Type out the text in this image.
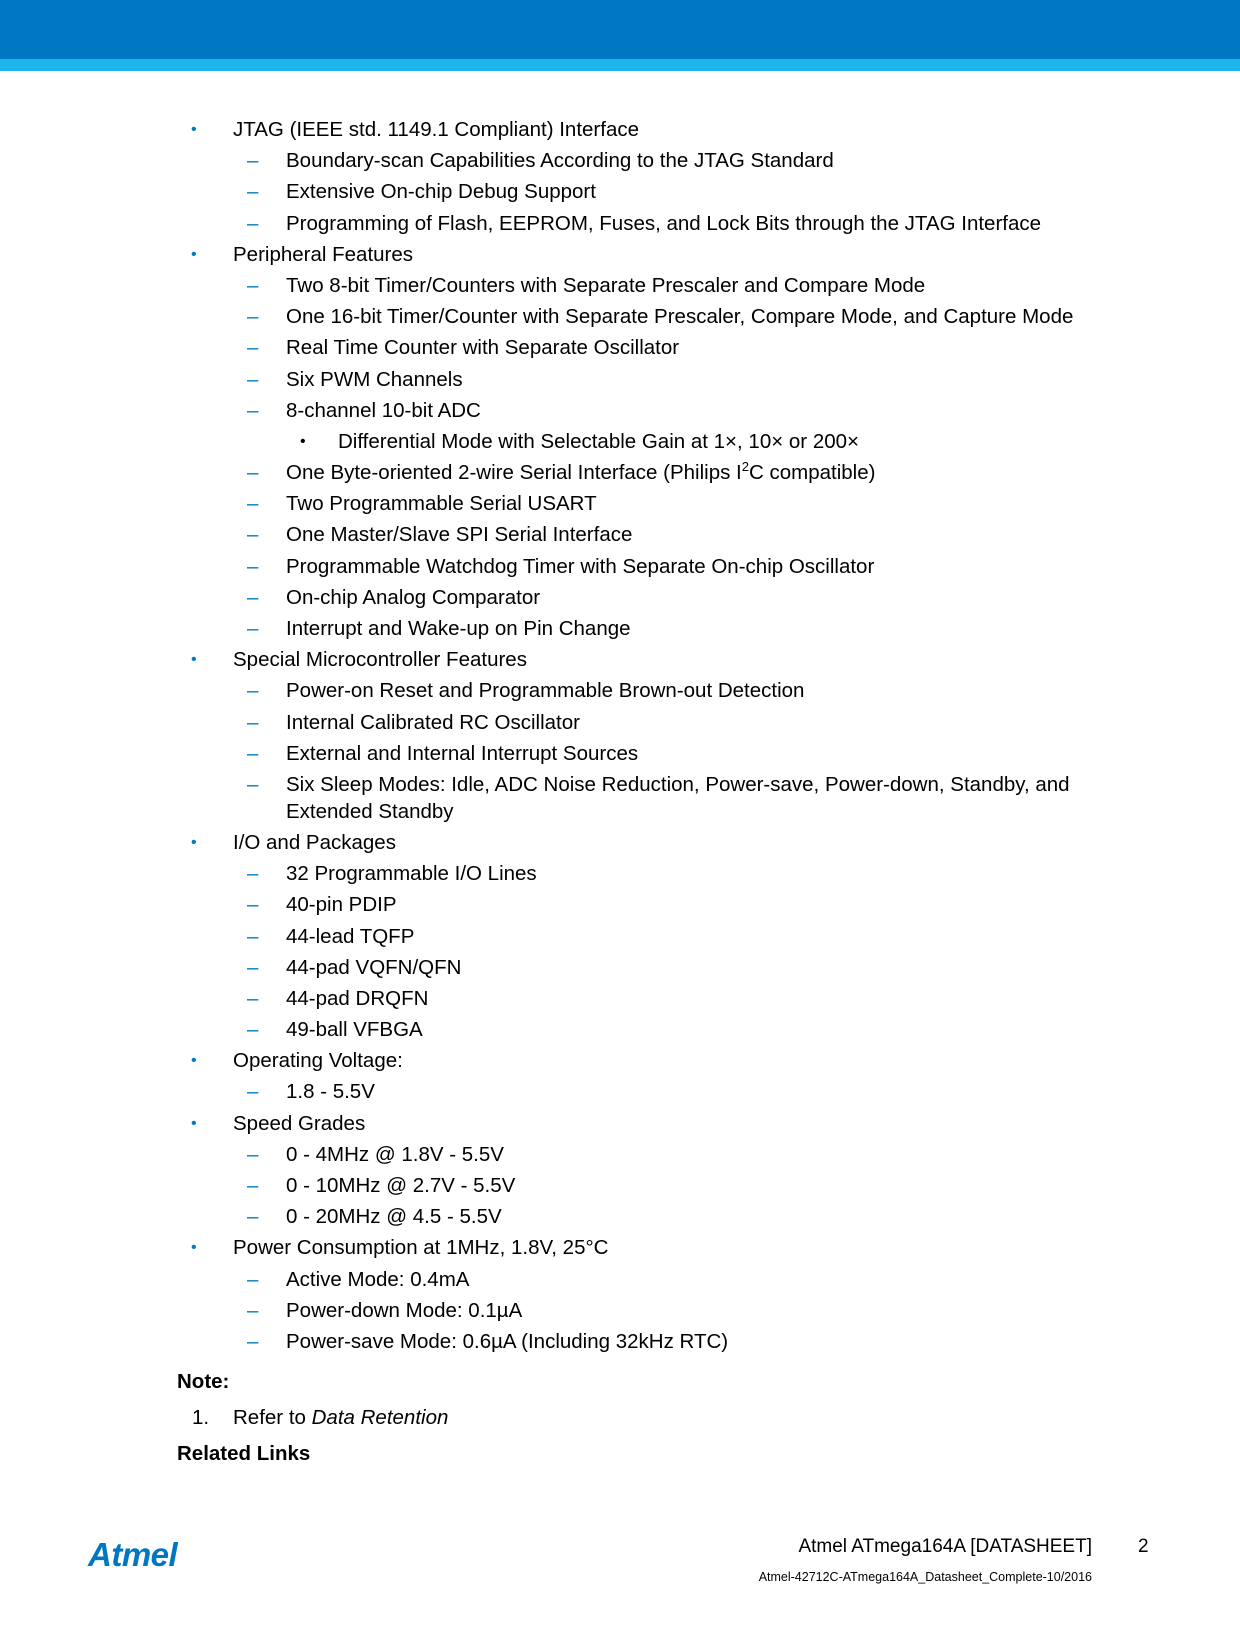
• JTAG (IEEE std. 1149.1 Compliant) Interface
– Boundary-scan Capabilities According to the JTAG Standard
– Extensive On-chip Debug Support
– Programming of Flash, EEPROM, Fuses, and Lock Bits through the JTAG Interface
• Peripheral Features
– Two 8-bit Timer/Counters with Separate Prescaler and Compare Mode
– One 16-bit Timer/Counter with Separate Prescaler, Compare Mode, and Capture Mode
– Real Time Counter with Separate Oscillator
– Six PWM Channels
– 8-channel 10-bit ADC
• Differential Mode with Selectable Gain at 1×, 10× or 200×
– One Byte-oriented 2-wire Serial Interface (Philips $I^2C$ compatible)
– Two Programmable Serial USART
– One Master/Slave SPI Serial Interface
– Programmable Watchdog Timer with Separate On-chip Oscillator
– On-chip Analog Comparator
– Interrupt and Wake-up on Pin Change
• Special Microcontroller Features
– Power-on Reset and Programmable Brown-out Detection
– Internal Calibrated RC Oscillator
– External and Internal Interrupt Sources
– Six Sleep Modes: Idle, ADC Noise Reduction, Power-save, Power-down, Standby, and Extended Standby
• I/O and Packages
– 32 Programmable I/O Lines
– 40-pin PDIP
– 44-lead TQFP
– 44-pad VQFN/QFN
– 44-pad DRQFN
– 49-ball VFBGA
• Operating Voltage:
– 1.8 - 5.5V
• Speed Grades
– 0 - 4MHz @ 1.8V - 5.5V
– 0 - 10MHz @ 2.7V - 5.5V
– 0 - 20MHz @ 4.5 - 5.5V
• Power Consumption at 1MHz, 1.8V, 25°C
– Active Mode: 0.4mA
– Power-down Mode: 0.1µA
– Power-save Mode: 0.6µA (Including 32kHz RTC)
Note:
1. Refer to Data Retention
Related Links
Atmel	Atmel ATmega164A [DATASHEET] 2
Atmel-42712C-ATmega164A_Datasheet_Complete-10/2016
